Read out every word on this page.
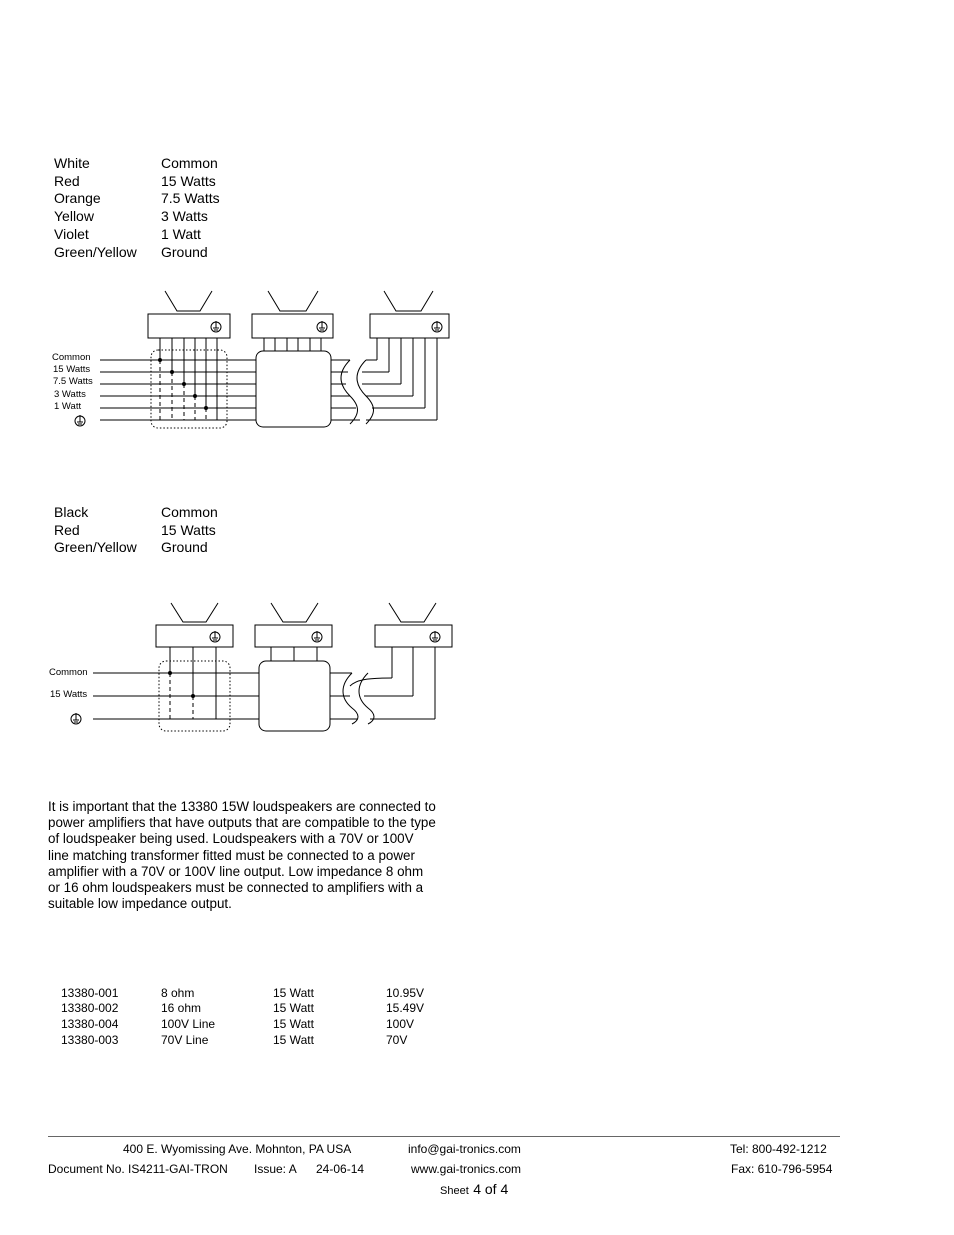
White	Common
Red	15 Watts
Orange	7.5 Watts
Yellow	3 Watts
Violet	1 Watt
Green/Yellow Ground
Common
15 Watts
7.5 Watts
3 Watts
1 Watt
Black	Common
Red	15 Watts
Green/Yellow Ground
Common
15 Watts
It is important that the 13380 15W loudspeakers are connected to power amplifiers that have outputs that are compatible to the type of loudspeaker being used. Loudspeakers with a 70V or 100V line matching transformer fitted must be connected to a power amplifier with a 70V or 100V line output. Low impedance 8 ohm or 16 ohm loudspeakers must be connected to amplifiers with a suitable low impedance output.
13380-001	8 ohm	15 Watt	10.95V
13380-002	16 ohm	15 Watt	15.49V
13380-004	100V Line	15 Watt	100V
13380-003	70V Line	15 Watt	70V
400 E. Wyomissing Ave. Mohnton, PA USA	info@gai-tronics.com	Tel: 800-492-1212
Document No. IS4211-GAI-TRON Issue: A 24-06-14	www.gai-tronics.com	Fax: 610-796-5954
Sheet 4 of 4
